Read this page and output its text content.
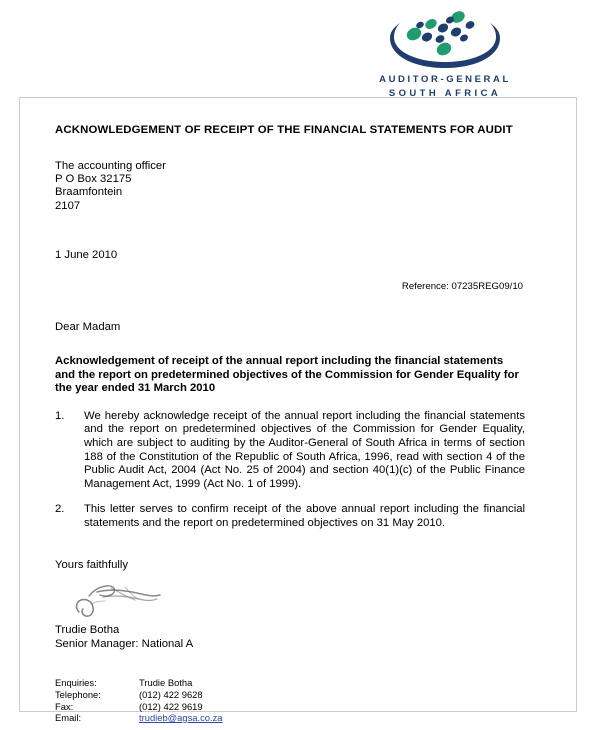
AUDITOR-GENERAL
SOUTH AFRICA
ACKNOWLEDGEMENT OF RECEIPT OF THE FINANCIAL STATEMENTS FOR AUDIT
The accounting officer
P O Box 32175
Braamfontein
2107
1 June 2010
Reference: 07235REG09/10
Dear Madam
Acknowledgement of receipt of the annual report including the financial statements and the report on predetermined objectives of the Commission for Gender Equality for the year ended 31 March 2010
1.	We hereby acknowledge receipt of the annual report including the financial statements and the report on predetermined objectives of the Commission for Gender Equality, which are subject to auditing by the Auditor-General of South Africa in terms of section 188 of the Constitution of the Republic of South Africa, 1996, read with section 4 of the Public Audit Act, 2004 (Act No. 25 of 2004) and section 40(1)(c) of the Public Finance Management Act, 1999 (Act No. 1 of 1999).
2.	This letter serves to confirm receipt of the above annual report including the financial statements and the report on predetermined objectives on 31 May 2010.
Yours faithfully
Trudie Botha
Senior Manager: National A
Enquiries:	Trudie Botha
Telephone:	(012) 422 9628
Fax:	(012) 422 9619
Email:	trudieb@agsa.co.za
